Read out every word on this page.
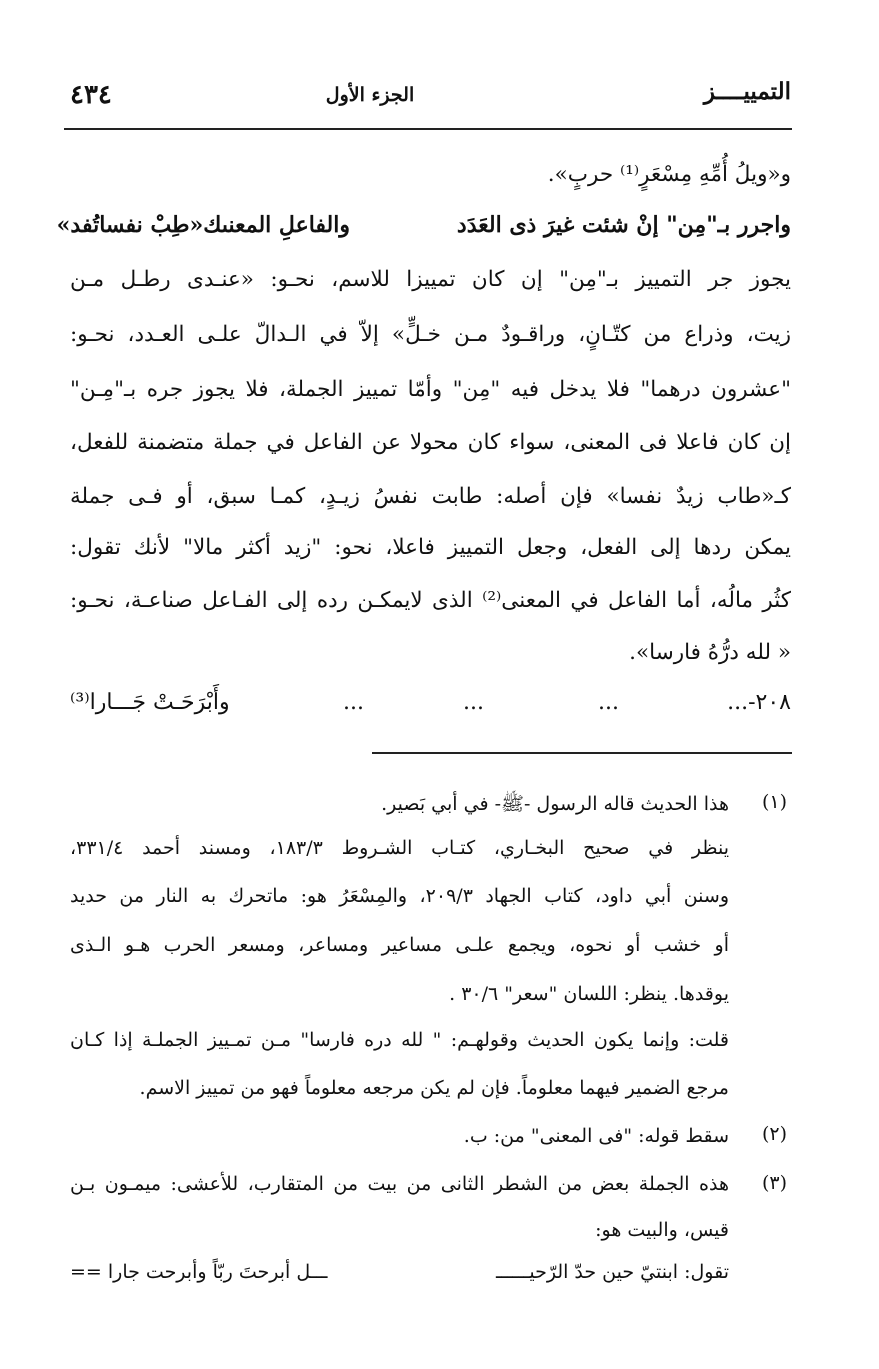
التمييــــز
الجزء الأول
٤٣٤
و«ويلُ أُمِّهِ مِسْعَرٍ⁽¹⁾ حربٍ».
واجرر بـ"مِن" إنْ شئت غيرَ ذى العَدَد
والفاعلِ المعنىك«طِبْ نفساتُفد»
يجوز جر التمييز بـ"مِن" إن كان تمييزا للاسم، نحـو: «عنـدى رطـل مـن
زيت، وذراع من كتّـانٍ، وراقـودٌ مـن خـلٍّ» إلاّ في الـدالّ علـى العـدد، نحـو:
"عشرون درهما" فلا يدخل فيه "مِن" وأمّا تمييز الجملة، فلا يجوز جره بـ"مِـن"
إن كان فاعلا فى المعنى، سواء كان محولا عن الفاعل في جملة متضمنة للفعل،
كـ«طاب زيدٌ نفسا» فإن أصله: طابت نفسُ زيـدٍ، كمـا سبق، أو فـى جملة
يمكن ردها إلى الفعل، وجعل التمييز فاعلا، نحو: "زيد أكثر مالا" لأنك تقول:
كثُر مالُه، أما الفاعل في المعنى⁽²⁾ الذى لايمكـن رده إلى الفـاعل صناعـة، نحـو:
« لله درُّهُ فارسا».
٢٠٨-...
...
...
...
وأَبْرَحَـتْ جَـــارا⁽³⁾
(١)
هذا الحديث قاله الرسول -ﷺ- في أبي بَصير.
ينظر في صحيح البخـاري، كتـاب الشـروط ١٨٣/٣، ومسند أحمد ٣٣١/٤،
وسنن أبي داود، كتاب الجهاد ٢٠٩/٣، والمِسْعَرُ هو: ماتحرك به النار من حديد
أو خشب أو نحوه، ويجمع علـى مساعير ومساعر، ومسعر الحرب هـو الـذى
يوقدها. ينظر: اللسان "سعر" ٣٠/٦ .
قلت: وإنما يكون الحديث وقولهـم: " لله دره فارسا" مـن تمـييز الجملـة إذا كـان
مرجع الضمير فيهما معلوماً. فإن لم يكن مرجعه معلوماً فهو من تمييز الاسم.
(٢)
سقط قوله: "فى المعنى" من: ب.
(٣)
هذه الجملة بعض من الشطر الثانى من بيت من المتقارب، للأعشى: ميمـون بـن
قيس، والبيت هو:
تقول: ابنتيّ حين حدّ الرّحيــــــ
ـــل أبرحتَ ربّاً وأبرحت جارا ==
